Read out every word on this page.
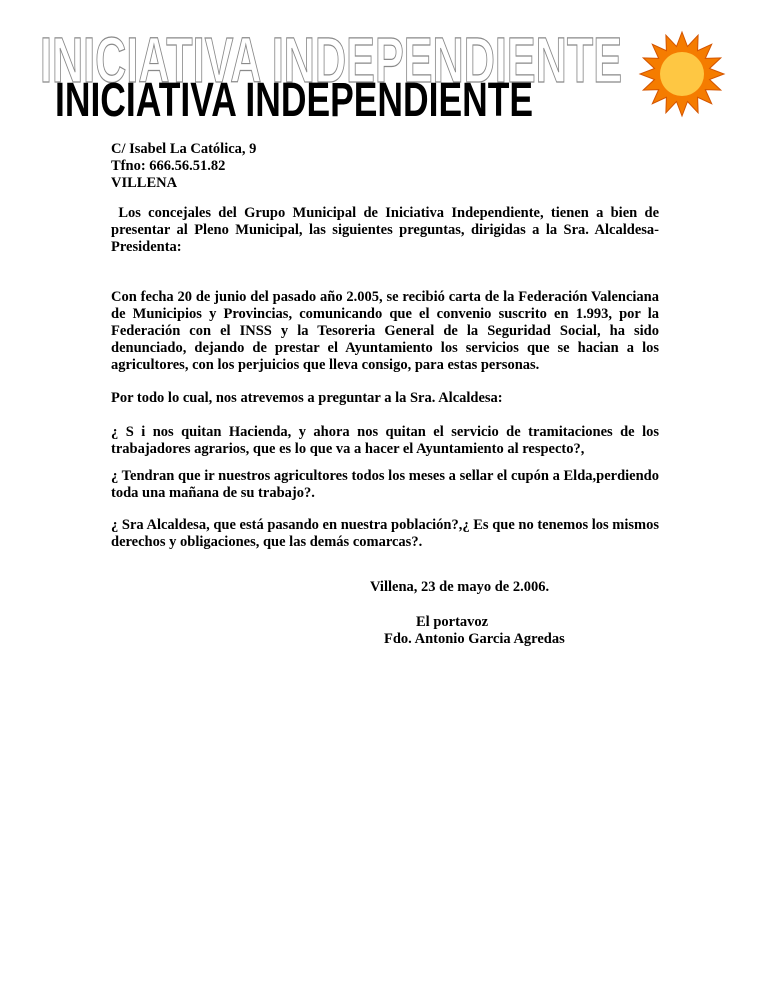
INICIATIVA INDEPENDIENTE
INICIATIVA INDEPENDIENTE
C/ Isabel La Católica, 9
Tfno: 666.56.51.82
VILLENA
Los concejales del Grupo Municipal de Iniciativa Independiente, tienen a bien de presentar al Pleno Municipal, las siguientes preguntas, dirigidas a la Sra. Alcaldesa-Presidenta:
Con fecha 20 de junio del pasado año 2.005, se recibió carta de la Federación Valenciana de Municipios y Provincias, comunicando que el convenio suscrito en 1.993, por la Federación con el INSS y la Tesoreria General de la Seguridad Social, ha sido denunciado, dejando de prestar el Ayuntamiento los servicios que se hacian a los agricultores, con los perjuicios que lleva consigo, para estas personas.
Por todo lo cual, nos atrevemos a preguntar a la Sra. Alcaldesa:
¿ S i nos quitan Hacienda, y ahora nos quitan el servicio de tramitaciones de los trabajadores agrarios, que es lo que va a hacer el Ayuntamiento al respecto?,
¿ Tendran que ir nuestros agricultores todos los meses a sellar el cupón a Elda,perdiendo toda una mañana de su trabajo?.
¿ Sra Alcaldesa, que está pasando en nuestra población?,¿ Es que no tenemos los mismos derechos y obligaciones, que las demás comarcas?.
Villena, 23 de mayo de 2.006.
El portavoz
Fdo. Antonio Garcia Agredas
